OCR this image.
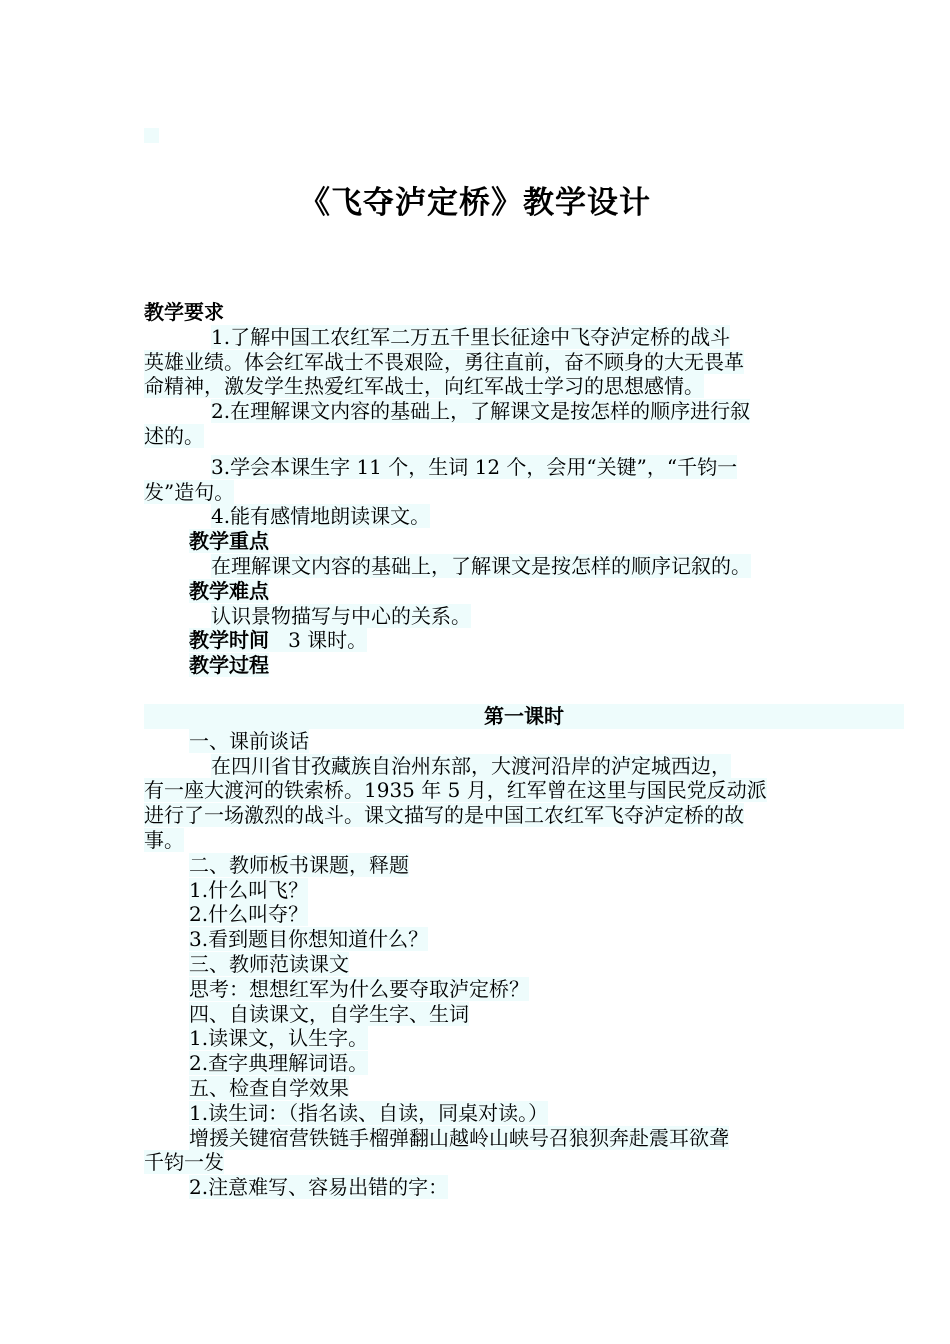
《飞夺泸定桥》教学设计
教学要求
1.了解中国工农红军二万五千里长征途中飞夺泸定桥的战斗
英雄业绩。体会红军战士不畏艰险，勇往直前，奋不顾身的大无畏革
命精神，激发学生热爱红军战士，向红军战士学习的思想感情。
2.在理解课文内容的基础上，了解课文是按怎样的顺序进行叙
述的。
3.学会本课生字 11 个，生词 12 个，会用“关键”，“千钧一
发”造句。
4.能有感情地朗读课文。
教学重点
在理解课文内容的基础上，了解课文是按怎样的顺序记叙的。
教学难点
认识景物描写与中心的关系。
教学时间 3 课时。
教学过程
第一课时
一、课前谈话
在四川省甘孜藏族自治州东部，大渡河沿岸的泸定城西边，
有一座大渡河的铁索桥。1935 年 5 月，红军曾在这里与国民党反动派
进行了一场激烈的战斗。课文描写的是中国工农红军飞夺泸定桥的故
事。
二、教师板书课题，释题
1.什么叫飞？
2.什么叫夺？
3.看到题目你想知道什么？
三、教师范读课文
思考：想想红军为什么要夺取泸定桥？
四、自读课文，自学生字、生词
1.读课文，认生字。
2.查字典理解词语。
五、检查自学效果
1.读生词：（指名读、自读，同桌对读。）
增援关键宿营铁链手榴弹翻山越岭山峡号召狼狈奔赴震耳欲聋
千钧一发
2.注意难写、容易出错的字：
